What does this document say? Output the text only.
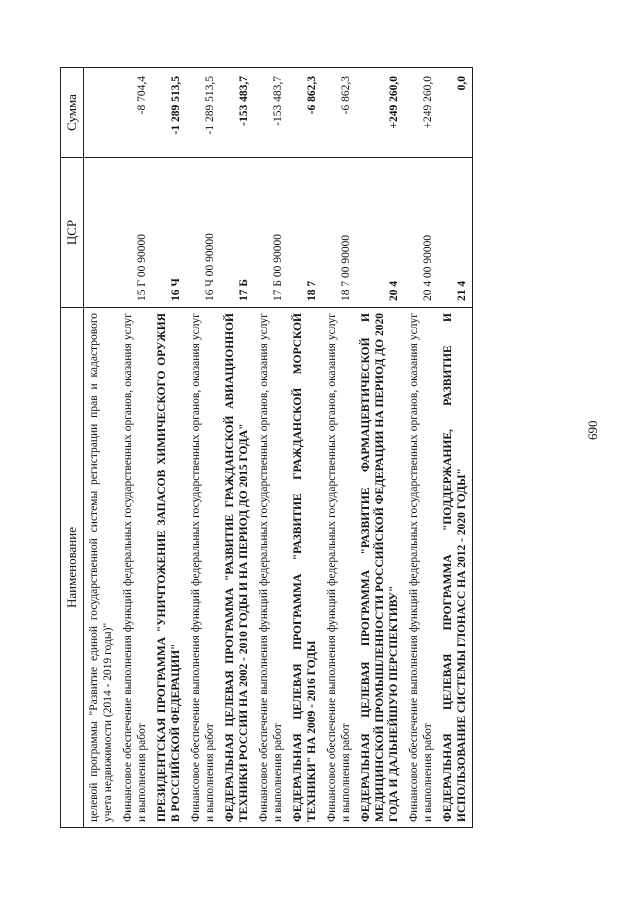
690
Наименование	ЦСР	Сумма
целевой программы "Развитие единой государственной системы регистрации прав и кадастрового учета недвижимости (2014 - 2019 годы)"		
Финансовое обеспечение выполнения функций федеральных государственных органов, оказания услуг и выполнения работ	15 Г 00 90000	-8 704,4
ПРЕЗИДЕНТСКАЯ ПРОГРАММА "УНИЧТОЖЕНИЕ ЗАПАСОВ ХИМИЧЕСКОГО ОРУЖИЯ В РОССИЙСКОЙ ФЕДЕРАЦИИ"	16 Ч	-1 289 513,5
Финансовое обеспечение выполнения функций федеральных государственных органов, оказания услуг и выполнения работ	16 Ч 00 90000	-1 289 513,5
ФЕДЕРАЛЬНАЯ ЦЕЛЕВАЯ ПРОГРАММА "РАЗВИТИЕ ГРАЖДАНСКОЙ АВИАЦИОННОЙ ТЕХНИКИ РОССИИ НА 2002 - 2010 ГОДЫ И НА ПЕРИОД ДО 2015 ГОДА"	17 Б	-153 483,7
Финансовое обеспечение выполнения функций федеральных государственных органов, оказания услуг и выполнения работ	17 Б 00 90000	-153 483,7
ФЕДЕРАЛЬНАЯ ЦЕЛЕВАЯ ПРОГРАММА "РАЗВИТИЕ ГРАЖДАНСКОЙ МОРСКОЙ ТЕХНИКИ" НА 2009 - 2016 ГОДЫ	18 7	-6 862,3
Финансовое обеспечение выполнения функций федеральных государственных органов, оказания услуг и выполнения работ	18 7 00 90000	-6 862,3
ФЕДЕРАЛЬНАЯ ЦЕЛЕВАЯ ПРОГРАММА "РАЗВИТИЕ ФАРМАЦЕВТИЧЕСКОЙ И МЕДИЦИНСКОЙ ПРОМЫШЛЕННОСТИ РОССИЙСКОЙ ФЕДЕРАЦИИ НА ПЕРИОД ДО 2020 ГОДА И ДАЛЬНЕЙШУЮ ПЕРСПЕКТИВУ"	20 4	+249 260,0
Финансовое обеспечение выполнения функций федеральных государственных органов, оказания услуг и выполнения работ	20 4 00 90000	+249 260,0
ФЕДЕРАЛЬНАЯ ЦЕЛЕВАЯ ПРОГРАММА "ПОДДЕРЖАНИЕ, РАЗВИТИЕ И ИСПОЛЬЗОВАНИЕ СИСТЕМЫ ГЛОНАСС НА 2012 - 2020 ГОДЫ"	21 4	0,0
